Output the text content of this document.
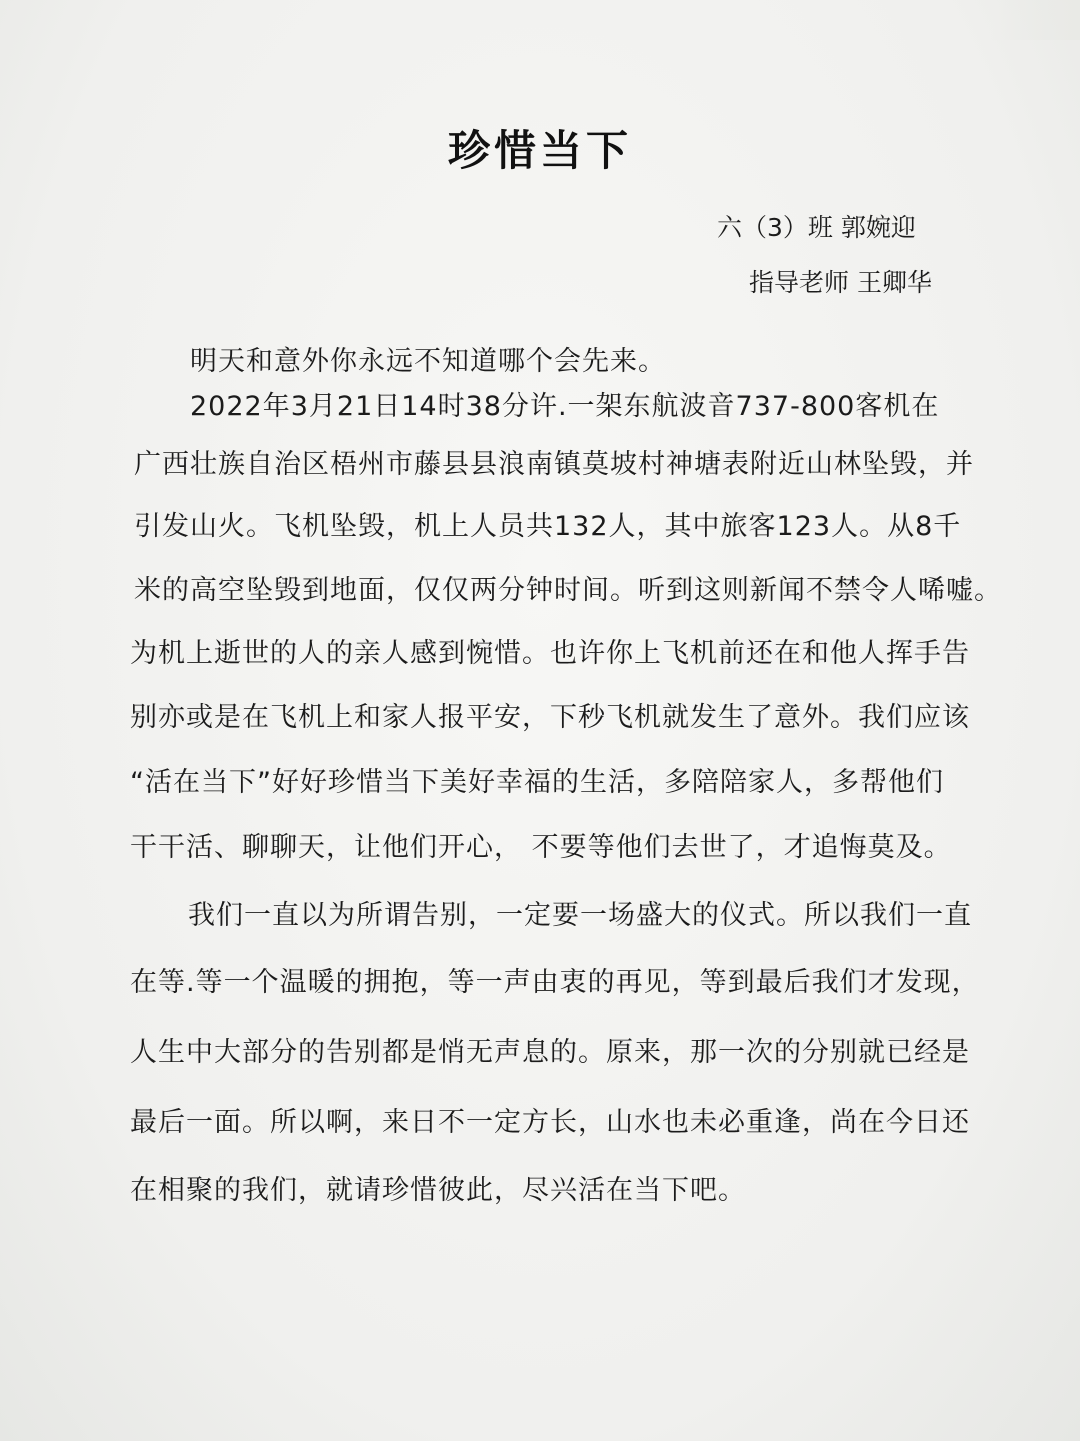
珍惜当下
六（3）班 郭婉迎
指导老师 王卿华
明天和意外你永远不知道哪个会先来。
2022年3月21日14时38分许.一架东航波音737-800客机在
广西壮族自治区梧州市藤县县浪南镇莫坡村神塘表附近山林坠毁，并
引发山火。飞机坠毁，机上人员共132人，其中旅客123人。从8千
米的高空坠毁到地面，仅仅两分钟时间。听到这则新闻不禁令人唏嘘。
为机上逝世的人的亲人感到惋惜。也许你上飞机前还在和他人挥手告
别亦或是在飞机上和家人报平安，下秒飞机就发生了意外。我们应该
“活在当下”好好珍惜当下美好幸福的生活，多陪陪家人，多帮他们
干干活、聊聊天，让他们开心， 不要等他们去世了，才追悔莫及。
我们一直以为所谓告别，一定要一场盛大的仪式。所以我们一直
在等.等一个温暖的拥抱，等一声由衷的再见，等到最后我们才发现，
人生中大部分的告别都是悄无声息的。原来，那一次的分别就已经是
最后一面。所以啊，来日不一定方长，山水也未必重逢，尚在今日还
在相聚的我们，就请珍惜彼此，尽兴活在当下吧。
